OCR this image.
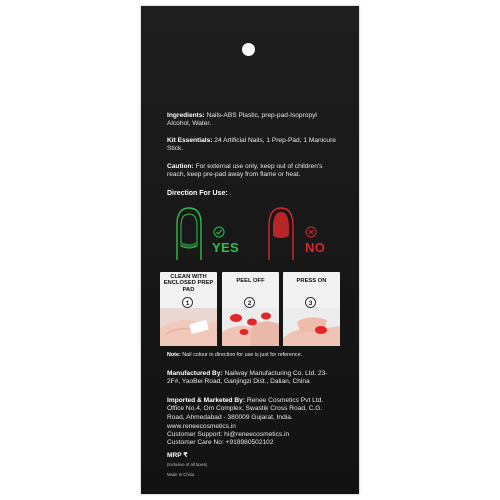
Ingredients: Nails-ABS Plastic, prep-pad-Isopropyl Alcohol, Water.
Kit Essentials: 24 Artificial Nails, 1 Prep-Pad, 1 Manicure Stick.
Caution: For external use only, keep out of children's reach, keep pre-pad away from flame or heat.
Direction For Use:
YES	NO
CLEAN WITH ENCLOSED PREP PAD
1
PEEL OFF
2
PRESS ON
3
Note: Nail colour in direction for use is just for reference.
Manufactured By: Nailway Manufacturing Co. Ltd. 23-2F#, YaoBei Road, Ganjingzi Dist., Dalian, China
Imported & Marketed By: Renee Cosmetics Pvt Ltd. Office No.4, Om Complex, Swastik Cross Road, C.G. Road, Ahmedabad - 380009 Gujarat, India.
www.reneecosmetics.in
Customer Support: hi@reneecosmetics.in
Customer Care No: +918980502102
MRP ₹
(Inclusive of all taxes)
Made In China
